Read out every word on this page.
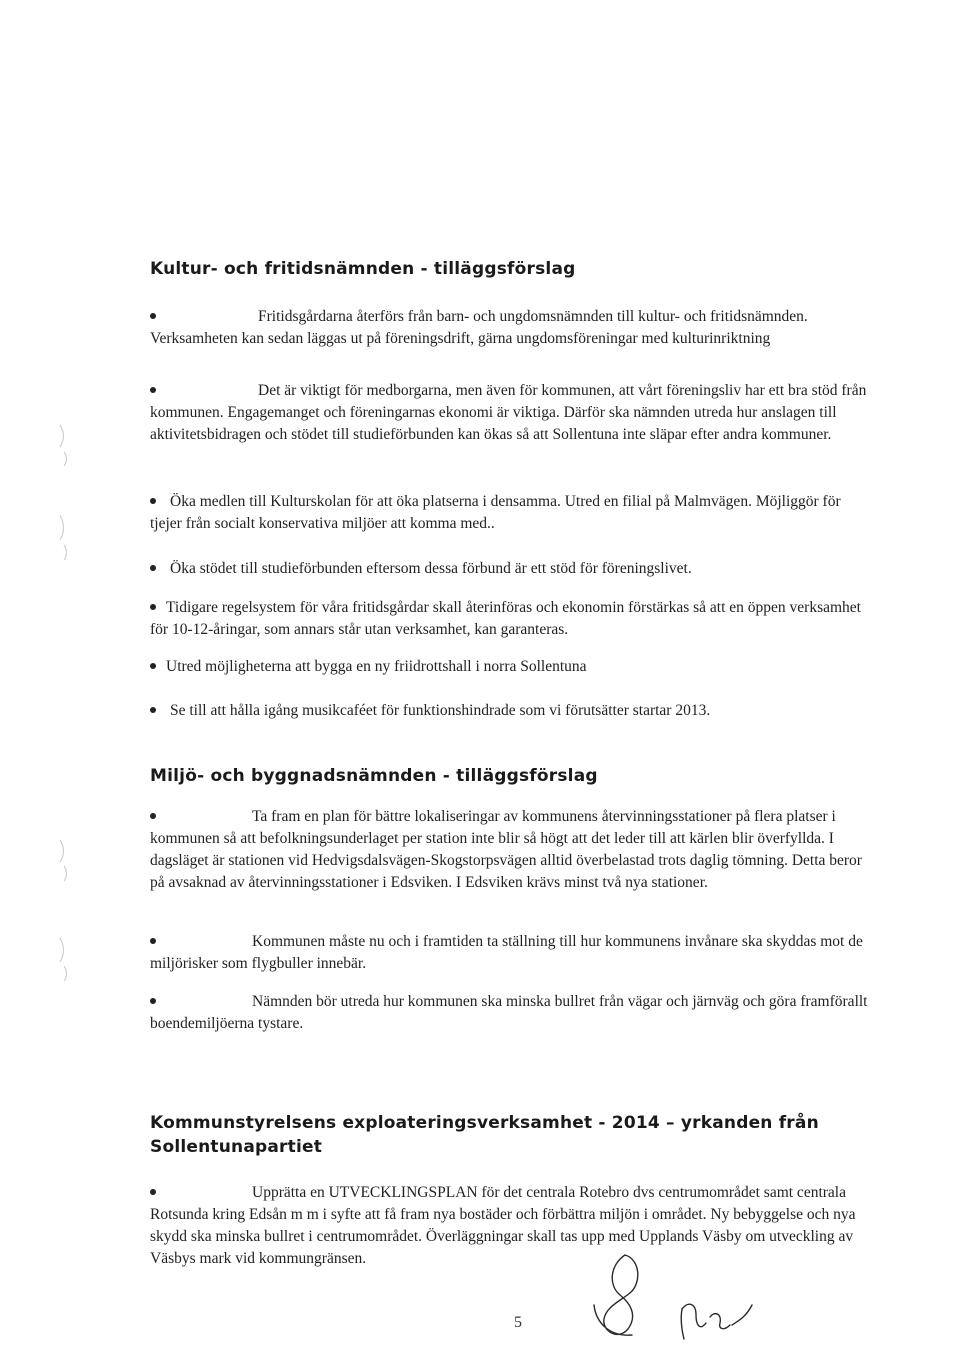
Kultur- och fritidsnämnden - tilläggsförslag

Fritidsgårdarna återförs från barn- och ungdomsnämnden till kultur- och fritidsnämnden. Verksamheten kan sedan läggas ut på föreningsdrift, gärna ungdomsföreningar med kulturinriktning

Det är viktigt för medborgarna, men även för kommunen, att vårt föreningsliv har ett bra stöd från kommunen. Engagemanget och föreningarnas ekonomi är viktiga. Därför ska nämnden utreda hur anslagen till aktivitetsbidragen och stödet till studieförbunden kan ökas så att Sollentuna inte släpar efter andra kommuner.

Öka medlen till Kulturskolan för att öka platserna i densamma. Utred en filial på Malmvägen. Möjliggör för tjejer från socialt konservativa miljöer att komma med..

Öka stödet till studieförbunden eftersom dessa förbund är ett stöd för föreningslivet.

Tidigare regelsystem för våra fritidsgårdar skall återinföras och ekonomin förstärkas så att en öppen verksamhet för 10-12-åringar, som annars står utan verksamhet, kan garanteras.

Utred möjligheterna att bygga en ny friidrottshall i norra Sollentuna

Se till att hålla igång musikcaféet för funktionshindrade som vi förutsätter startar 2013.

Miljö- och byggnadsnämnden - tilläggsförslag

Ta fram en plan för bättre lokaliseringar av kommunens återvinningsstationer på flera platser i kommunen så att befolkningsunderlaget per station inte blir så högt att det leder till att kärlen blir överfyllda. I dagsläget är stationen vid Hedvigsdalsvägen-Skogstorpsvägen alltid överbelastad trots daglig tömning. Detta beror på avsaknad av återvinningsstationer i Edsviken. I Edsviken krävs minst två nya stationer.

Kommunen måste nu och i framtiden ta ställning till hur kommunens invånare ska skyddas mot de miljörisker som flygbuller innebär.

Nämnden bör utreda hur kommunen ska minska bullret från vägar och järnväg och göra framförallt boendemiljöerna tystare.

Kommunstyrelsens exploateringsverksamhet - 2014 – yrkanden från Sollentunapartiet

Upprätta en UTVECKLINGSPLAN för det centrala Rotebro dvs centrumområdet samt centrala Rotsunda kring Edsån m m i syfte att få fram nya bostäder och förbättra miljön i området. Ny bebyggelse och nya skydd ska minska bullret i centrumområdet. Överläggningar skall tas upp med Upplands Väsby om utveckling av Väsbys mark vid kommungränsen.

5
